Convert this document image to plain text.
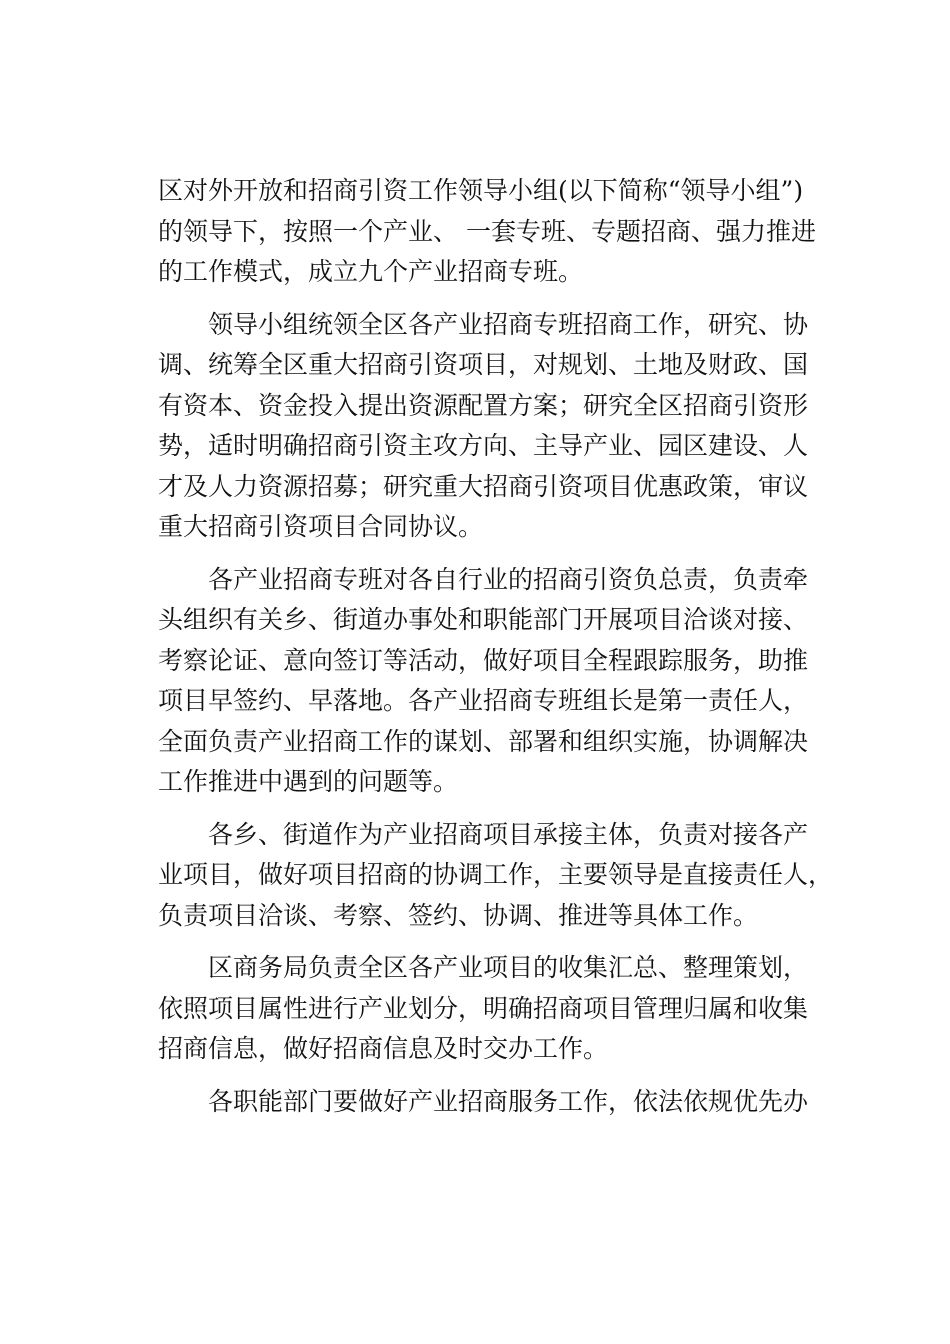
区对外开放和招商引资工作领导小组(以下简称“领导小组”)
的领导下，按照一个产业、 一套专班、专题招商、强力推进
的工作模式，成立九个产业招商专班。
　　领导小组统领全区各产业招商专班招商工作，研究、协
调、统筹全区重大招商引资项目，对规划、土地及财政、国
有资本、资金投入提出资源配置方案；研究全区招商引资形
势，适时明确招商引资主攻方向、主导产业、园区建设、人
才及人力资源招募；研究重大招商引资项目优惠政策，审议
重大招商引资项目合同协议。
　　各产业招商专班对各自行业的招商引资负总责，负责牵
头组织有关乡、街道办事处和职能部门开展项目洽谈对接、
考察论证、意向签订等活动，做好项目全程跟踪服务，助推
项目早签约、早落地。各产业招商专班组长是第一责任人，
全面负责产业招商工作的谋划、部署和组织实施，协调解决
工作推进中遇到的问题等。
　　各乡、街道作为产业招商项目承接主体，负责对接各产
业项目，做好项目招商的协调工作，主要领导是直接责任人，
负责项目洽谈、考察、签约、协调、推进等具体工作。
　　区商务局负责全区各产业项目的收集汇总、整理策划，
依照项目属性进行产业划分，明确招商项目管理归属和收集
招商信息，做好招商信息及时交办工作。
　　各职能部门要做好产业招商服务工作，依法依规优先办
